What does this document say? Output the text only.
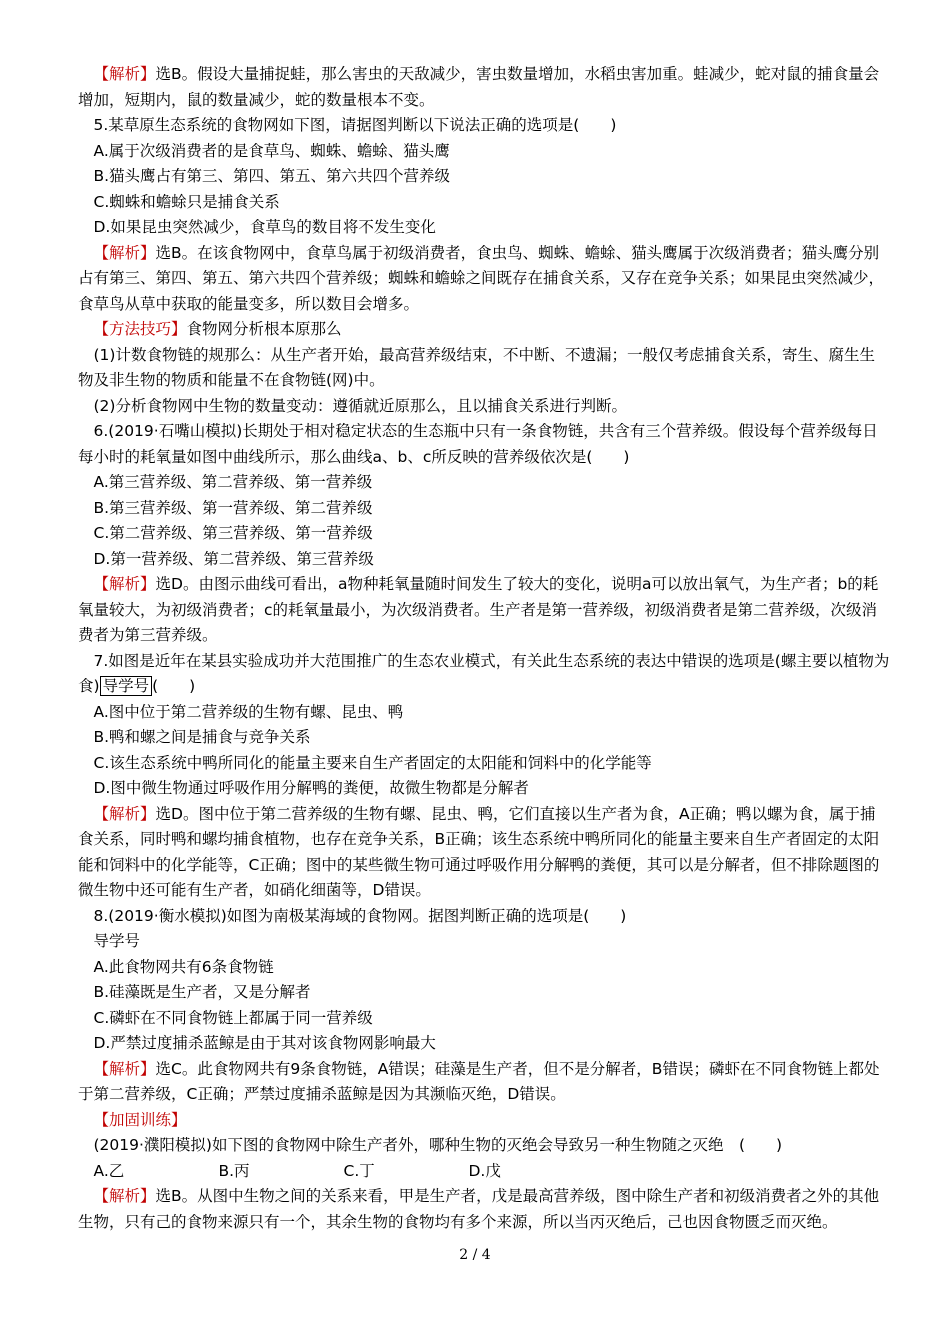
【解析】选B。假设大量捕捉蛙，那么害虫的天敌减少，害虫数量增加，水稻虫害加重。蛙减少，蛇对鼠的捕食量会增加，短期内，鼠的数量减少，蛇的数量根本不变。

5.某草原生态系统的食物网如下图，请据图判断以下说法正确的选项是(　　)

A.属于次级消费者的是食草鸟、蜘蛛、蟾蜍、猫头鹰

B.猫头鹰占有第三、第四、第五、第六共四个营养级

C.蜘蛛和蟾蜍只是捕食关系

D.如果昆虫突然减少，食草鸟的数目将不发生变化

【解析】选B。在该食物网中，食草鸟属于初级消费者，食虫鸟、蜘蛛、蟾蜍、猫头鹰属于次级消费者；猫头鹰分别占有第三、第四、第五、第六共四个营养级；蜘蛛和蟾蜍之间既存在捕食关系，又存在竞争关系；如果昆虫突然减少，食草鸟从草中获取的能量变多，所以数目会增多。

【方法技巧】食物网分析根本原那么

(1)计数食物链的规那么：从生产者开始，最高营养级结束，不中断、不遗漏；一般仅考虑捕食关系，寄生、腐生生物及非生物的物质和能量不在食物链(网)中。

(2)分析食物网中生物的数量变动：遵循就近原那么，且以捕食关系进行判断。

6.(2019·石嘴山模拟)长期处于相对稳定状态的生态瓶中只有一条食物链，共含有三个营养级。假设每个营养级每日每小时的耗氧量如图中曲线所示，那么曲线a、b、c所反映的营养级依次是(　　)

A.第三营养级、第二营养级、第一营养级

B.第三营养级、第一营养级、第二营养级

C.第二营养级、第三营养级、第一营养级

D.第一营养级、第二营养级、第三营养级

【解析】选D。由图示曲线可看出，a物种耗氧量随时间发生了较大的变化，说明a可以放出氧气，为生产者；b的耗氧量较大，为初级消费者；c的耗氧量最小，为次级消费者。生产者是第一营养级，初级消费者是第二营养级，次级消费者为第三营养级。

7.如图是近年在某县实验成功并大范围推广的生态农业模式，有关此生态系统的表达中错误的选项是(螺主要以植物为食) 导学号 (　　)

A.图中位于第二营养级的生物有螺、昆虫、鸭

B.鸭和螺之间是捕食与竞争关系

C.该生态系统中鸭所同化的能量主要来自生产者固定的太阳能和饲料中的化学能等

D.图中微生物通过呼吸作用分解鸭的粪便，故微生物都是分解者

【解析】选D。图中位于第二营养级的生物有螺、昆虫、鸭，它们直接以生产者为食，A正确；鸭以螺为食，属于捕食关系，同时鸭和螺均捕食植物，也存在竞争关系，B正确；该生态系统中鸭所同化的能量主要来自生产者固定的太阳能和饲料中的化学能等，C正确；图中的某些微生物可通过呼吸作用分解鸭的粪便，其可以是分解者，但不排除题图的微生物中还可能有生产者，如硝化细菌等，D错误。

8.(2019·衡水模拟)如图为南极某海域的食物网。据图判断正确的选项是(　　)

导学号

A.此食物网共有6条食物链

B.硅藻既是生产者，又是分解者

C.磷虾在不同食物链上都属于同一营养级

D.严禁过度捕杀蓝鲸是由于其对该食物网影响最大

【解析】选C。此食物网共有9条食物链，A错误；硅藻是生产者，但不是分解者，B错误；磷虾在不同食物链上都处于第二营养级，C正确；严禁过度捕杀蓝鲸是因为其濒临灭绝，D错误。

【加固训练】

(2019·濮阳模拟)如下图的食物网中除生产者外，哪种生物的灭绝会导致另一种生物随之灭绝　(　　)

A.乙	B.丙	C.丁	D.戊

【解析】选B。从图中生物之间的关系来看，甲是生产者，戊是最高营养级，图中除生产者和初级消费者之外的其他生物，只有己的食物来源只有一个，其余生物的食物均有多个来源，所以当丙灭绝后，己也因食物匮乏而灭绝。

2 / 4
